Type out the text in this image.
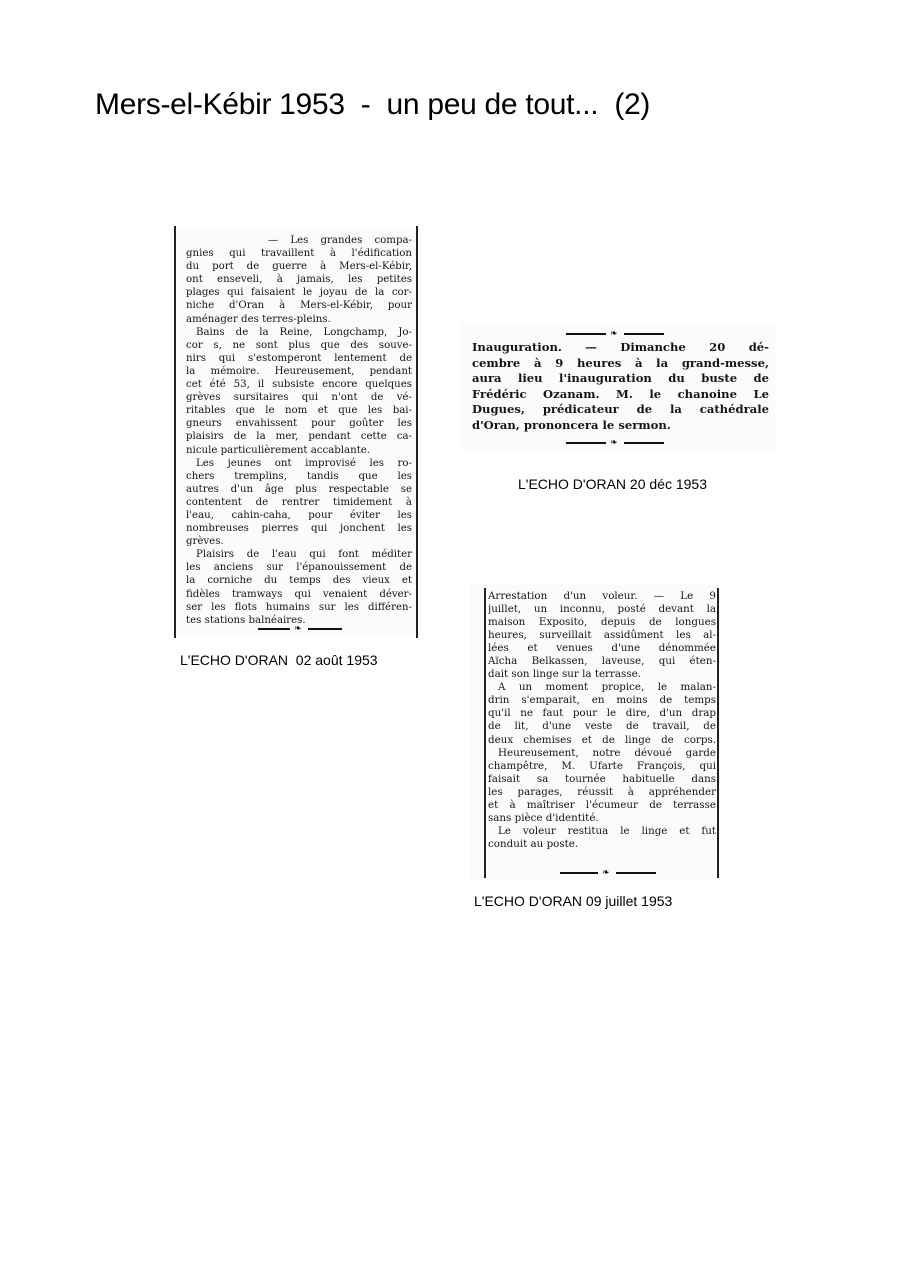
Mers-el-Kébir 1953  -  un peu de tout...  (2)
— Les grandes compa-
gnies qui travaillent à l'édification
du port de guerre à Mers-el-Kébir,
ont enseveli, à jamais, les petites
plages qui faisaient le joyau de la cor-
niche d'Oran à Mers-el-Kébir, pour
aménager des terres-pleins.
Bains de la Reine, Longchamp, Jo-
cor s, ne sont plus que des souve-
nirs qui s'estomperont lentement de
la mémoire. Heureusement, pendant
cet été 53, il subsiste encore quelques
grèves sursitaires qui n'ont de vé-
ritables que le nom et que les bai-
gneurs envahissent pour goûter les
plaisirs de la mer, pendant cette ca-
nicule particulièrement accablante.
Les jeunes ont improvisé les ro-
chers tremplins, tandis que les
autres d'un âge plus respectable se
contentent de rentrer timidement à
l'eau, cahin-caha, pour éviter les
nombreuses pierres qui jonchent les
grèves.
Plaisirs de l'eau qui font méditer
les anciens sur l'épanouissement de
la corniche du temps des vieux et
fidèles tramways qui venaient déver-
ser les flots humains sur les différen-
tes stations balnéaires.
❧
L'ECHO D'ORAN  02 août 1953
Inauguration. — Dimanche 20 dé-
cembre à 9 heures à la grand-messe,
aura lieu l'inauguration du buste de
Frédéric Ozanam. M. le chanoine Le
Dugues, prédicateur de la cathédrale
d'Oran, prononcera le sermon.
❧
❧
L'ECHO D'ORAN 20 déc 1953
Arrestation d'un voleur. — Le 9
juillet, un inconnu, posté devant la
maison Exposito, depuis de longues
heures, surveillait assidûment les al-
lées et venues d'une dénommée
Aïcha Belkassen, laveuse, qui éten-
dait son linge sur la terrasse.
A un moment propice, le malan-
drin s'emparait, en moins de temps
qu'il ne faut pour le dire, d'un drap
de lit, d'une veste de travail, de
deux chemises et de linge de corps.
Heureusement, notre dévoué garde
champêtre, M. Ufarte François, qui
faisait sa tournée habituelle dans
les parages, réussit à appréhender
et à maîtriser l'écumeur de terrasse
sans pièce d'identité.
Le voleur restitua le linge et fut
conduit au poste.
❧
L'ECHO D'ORAN 09 juillet 1953
